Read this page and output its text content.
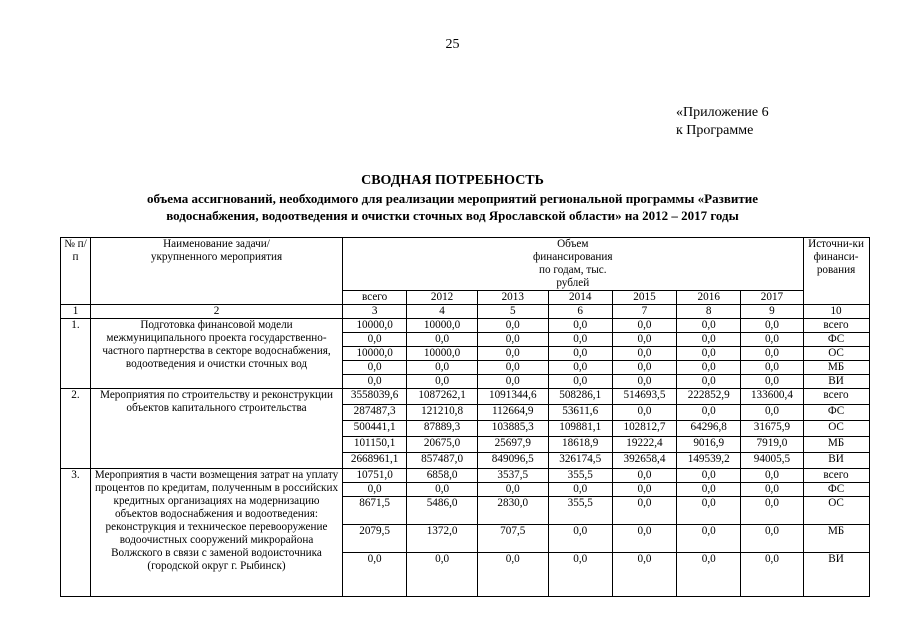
25
«Приложение 6
к Программе
СВОДНАЯ ПОТРЕБНОСТЬ
объема ассигнований, необходимого для реализации мероприятий региональной программы «Развитие
водоснабжения, водоотведения и очистки сточных вод Ярославской области» на 2012 – 2017 годы
№ п/п	Наименование задачи/ укрупненного мероприятия	Объем финансирования по годам, тыс. рублей							Источни-ки финанси-рования
		всего	2012	2013	2014	2015	2016	2017	
1	2	3	4	5	6	7	8	9	10
1.	Подготовка финансовой модели межмуниципального проекта государственно-частного партнерства в секторе водоснабжения, водоотведения и очистки сточных вод	10000,0	10000,0	0,0	0,0	0,0	0,0	0,0	всего
		0,0	0,0	0,0	0,0	0,0	0,0	0,0	ФС
		10000,0	10000,0	0,0	0,0	0,0	0,0	0,0	ОС
		0,0	0,0	0,0	0,0	0,0	0,0	0,0	МБ
		0,0	0,0	0,0	0,0	0,0	0,0	0,0	ВИ
2.	Мероприятия по строительству и реконструкции объектов капитального строительства	3558039,6	1087262,1	1091344,6	508286,1	514693,5	222852,9	133600,4	всего
		287487,3	121210,8	112664,9	53611,6	0,0	0,0	0,0	ФС
		500441,1	87889,3	103885,3	109881,1	102812,7	64296,8	31675,9	ОС
		101150,1	20675,0	25697,9	18618,9	19222,4	9016,9	7919,0	МБ
		2668961,1	857487,0	849096,5	326174,5	392658,4	149539,2	94005,5	ВИ
3.	Мероприятия в части возмещения затрат на уплату процентов по кредитам, полученным в российских кредитных организациях на модернизацию объектов водоснабжения и водоотведения: реконструкция и техническое перевооружение водоочистных сооружений микрорайона Волжского в связи с заменой водоисточника (городской округ г. Рыбинск)	10751,0	6858,0	3537,5	355,5	0,0	0,0	0,0	всего
		0,0	0,0	0,0	0,0	0,0	0,0	0,0	ФС
		8671,5	5486,0	2830,0	355,5	0,0	0,0	0,0	ОС
		2079,5	1372,0	707,5	0,0	0,0	0,0	0,0	МБ
		0,0	0,0	0,0	0,0	0,0	0,0	0,0	ВИ
